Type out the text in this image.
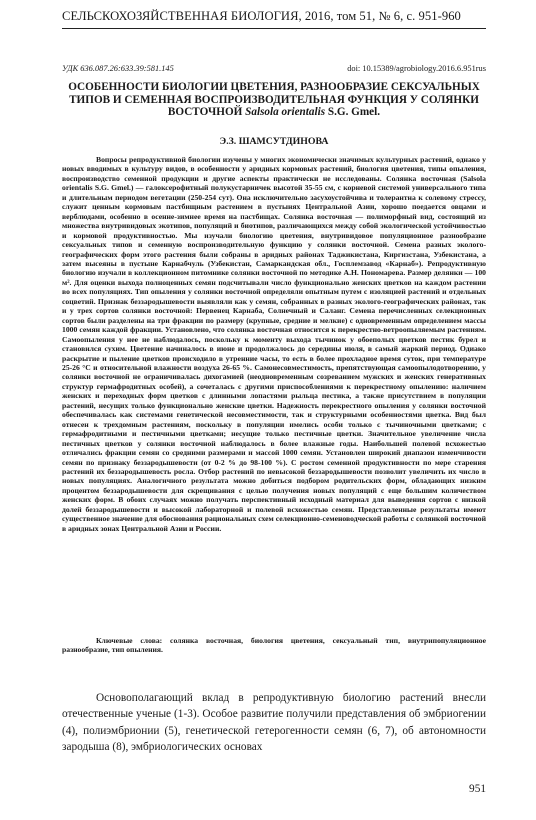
СЕЛЬСКОХОЗЯЙСТВЕННАЯ БИОЛОГИЯ, 2016, том 51, № 6, с. 951-960
УДК 636.087.26:633.39:581.145	doi: 10.15389/agrobiology.2016.6.951rus
ОСОБЕННОСТИ БИОЛОГИИ ЦВЕТЕНИЯ, РАЗНООБРАЗИЕ СЕКСУАЛЬНЫХ ТИПОВ И СЕМЕННАЯ ВОСПРОИЗВОДИТЕЛЬНАЯ ФУНКЦИЯ У СОЛЯНКИ ВОСТОЧНОЙ Salsola orientalis S.G. Gmel.
Э.З. ШАМСУТДИНОВА

Вопросы репродуктивной биологии изучены у многих экономически значимых культурных растений, однако у новых вводимых в культуру видов, в особенности у аридных кормовых растений, биология цветения, типы опыления, воспроизводство семенной продукции и другие аспекты практически не исследованы. Солянка восточная (Salsola orientalis S.G. Gmel.) — галоксерофитный полукустарничек высотой 35-55 см, с корневой системой универсального типа и длительным периодом вегетации (250-254 сут). Она исключительно засухоустойчива и толерантна к солевому стрессу, служит ценным кормовым пастбищным растением в пустынях Центральной Азии, хорошо поедается овцами и верблюдами, особенно в осенне-зимнее время на пастбищах. Солянка восточная — полиморфный вид, состоящий из множества внутривидовых экотипов, популяций и биотипов, различающихся между собой экологической устойчивостью и кормовой продуктивностью. Мы изучали биологию цветения, внутривидовое популяционное разнообразие сексуальных типов и семенную воспроизводительную функцию у солянки восточной. Семена разных эколого-географических форм этого растения были собраны в аридных районах Таджикистана, Киргизстана, Узбекистана, а затем высеяны в пустыне Карнабчуль (Узбекистан, Самаркандская обл., Госплемзавод «Карнаб»). Репродуктивную биологию изучали в коллекционном питомнике солянки восточной по методике А.Н. Пономарева. Размер делянки — 100 м². Для оценки выхода полноценных семян подсчитывали число функционально женских цветков на каждом растении во всех популяциях. Тип опыления у солянки восточной определяли опытным путем с изоляцией растений и отдельных соцветий. Признак беззародышевости выявляли как у семян, собранных в разных эколого-географических районах, так и у трех сортов солянки восточной: Первенец Карнаба, Солнечный и Саланг. Семена перечисленных селекционных сортов были разделены на три фракции по размеру (крупные, средние и мелкие) с одновременным определением массы 1000 семян каждой фракции. Установлено, что солянка восточная относится к перекрестно-ветроопыляемым растениям. Самоопыления у нее не наблюдалось, поскольку к моменту выхода тычинок у обоеполых цветков пестик бурел и становился сухим. Цветение начиналось в июне и продолжалось до середины июля, в самый жаркий период. Одиако раскрытие и пыление цветков происходило в утренние часы, то есть в более прохладное время суток, при температуре 25-26 °С и относительной влажности воздуха 26-65 %. Самонесовместимость, препятствующая самоопылодотворению, у солянки восточной не ограничивалась дихогамией (неодновременным созреванием мужских и женских генеративных структур гермафродитных особей), а сочеталась с другими приспособлениями к перекрестному опылению: наличием женских и переходных форм цветков с длинными лопастями рыльца пестика, а также присутствием в популяции растений, несущих только функционально женские цветки. Надежность перекрестного опыления у солянки восточной обеспечивалась как системами генетической несовместимости, так и структурными особенностями цветка. Вид был отнесен к трехдомным растениям, поскольку в популяции имелись особи только с тычиночными цветками; с гермафродитными и пестичными цветками; несущие только пестичные цветки. Значительное увеличение числа пестичных цветков у солянки восточной наблюдалось в более влажные годы. Наибольшей полевой всхожестью отличались фракции семян со средними размерами и массой 1000 семян. Установлен широкий диапазон изменчивости семян по признаку беззародышевости (от 0-2 % до 98-100 %). С ростом семенной продуктивности по мере старения растений их беззародышевость росла. Отбор растений по невысокой беззародышевости позволит увеличить их число в новых популяциях. Аналогичного результата можно добиться подбором родительских форм, обладающих низким процентом беззародышевости для скрещивания с целью получения новых популяций с еще большим количеством женских форм. В обоих случаях можно получать перспективный исходный материал для выведения сортов с низкой долей беззародышевости и высокой лабораторной и полевой всхожестью семян. Представленные результаты имеют существенное значение для обоснования рациональных схем селекционно-семеноводческой работы с солянкой восточной в аридных зонах Центральной Азии и России.

Ключевые слова: солянка восточная, биология цветения, сексуальный тип, внутрипопуляционное разнообразие, тип опыления.

Основополагающий вклад в репродуктивную биологию растений внесли отечественные ученые (1-3). Особое развитие получили представления об эмбриогении (4), полиэмбрионии (5), генетической гетерогенности семян (6, 7), об автономности зародыша (8), эмбриологических основах

951
